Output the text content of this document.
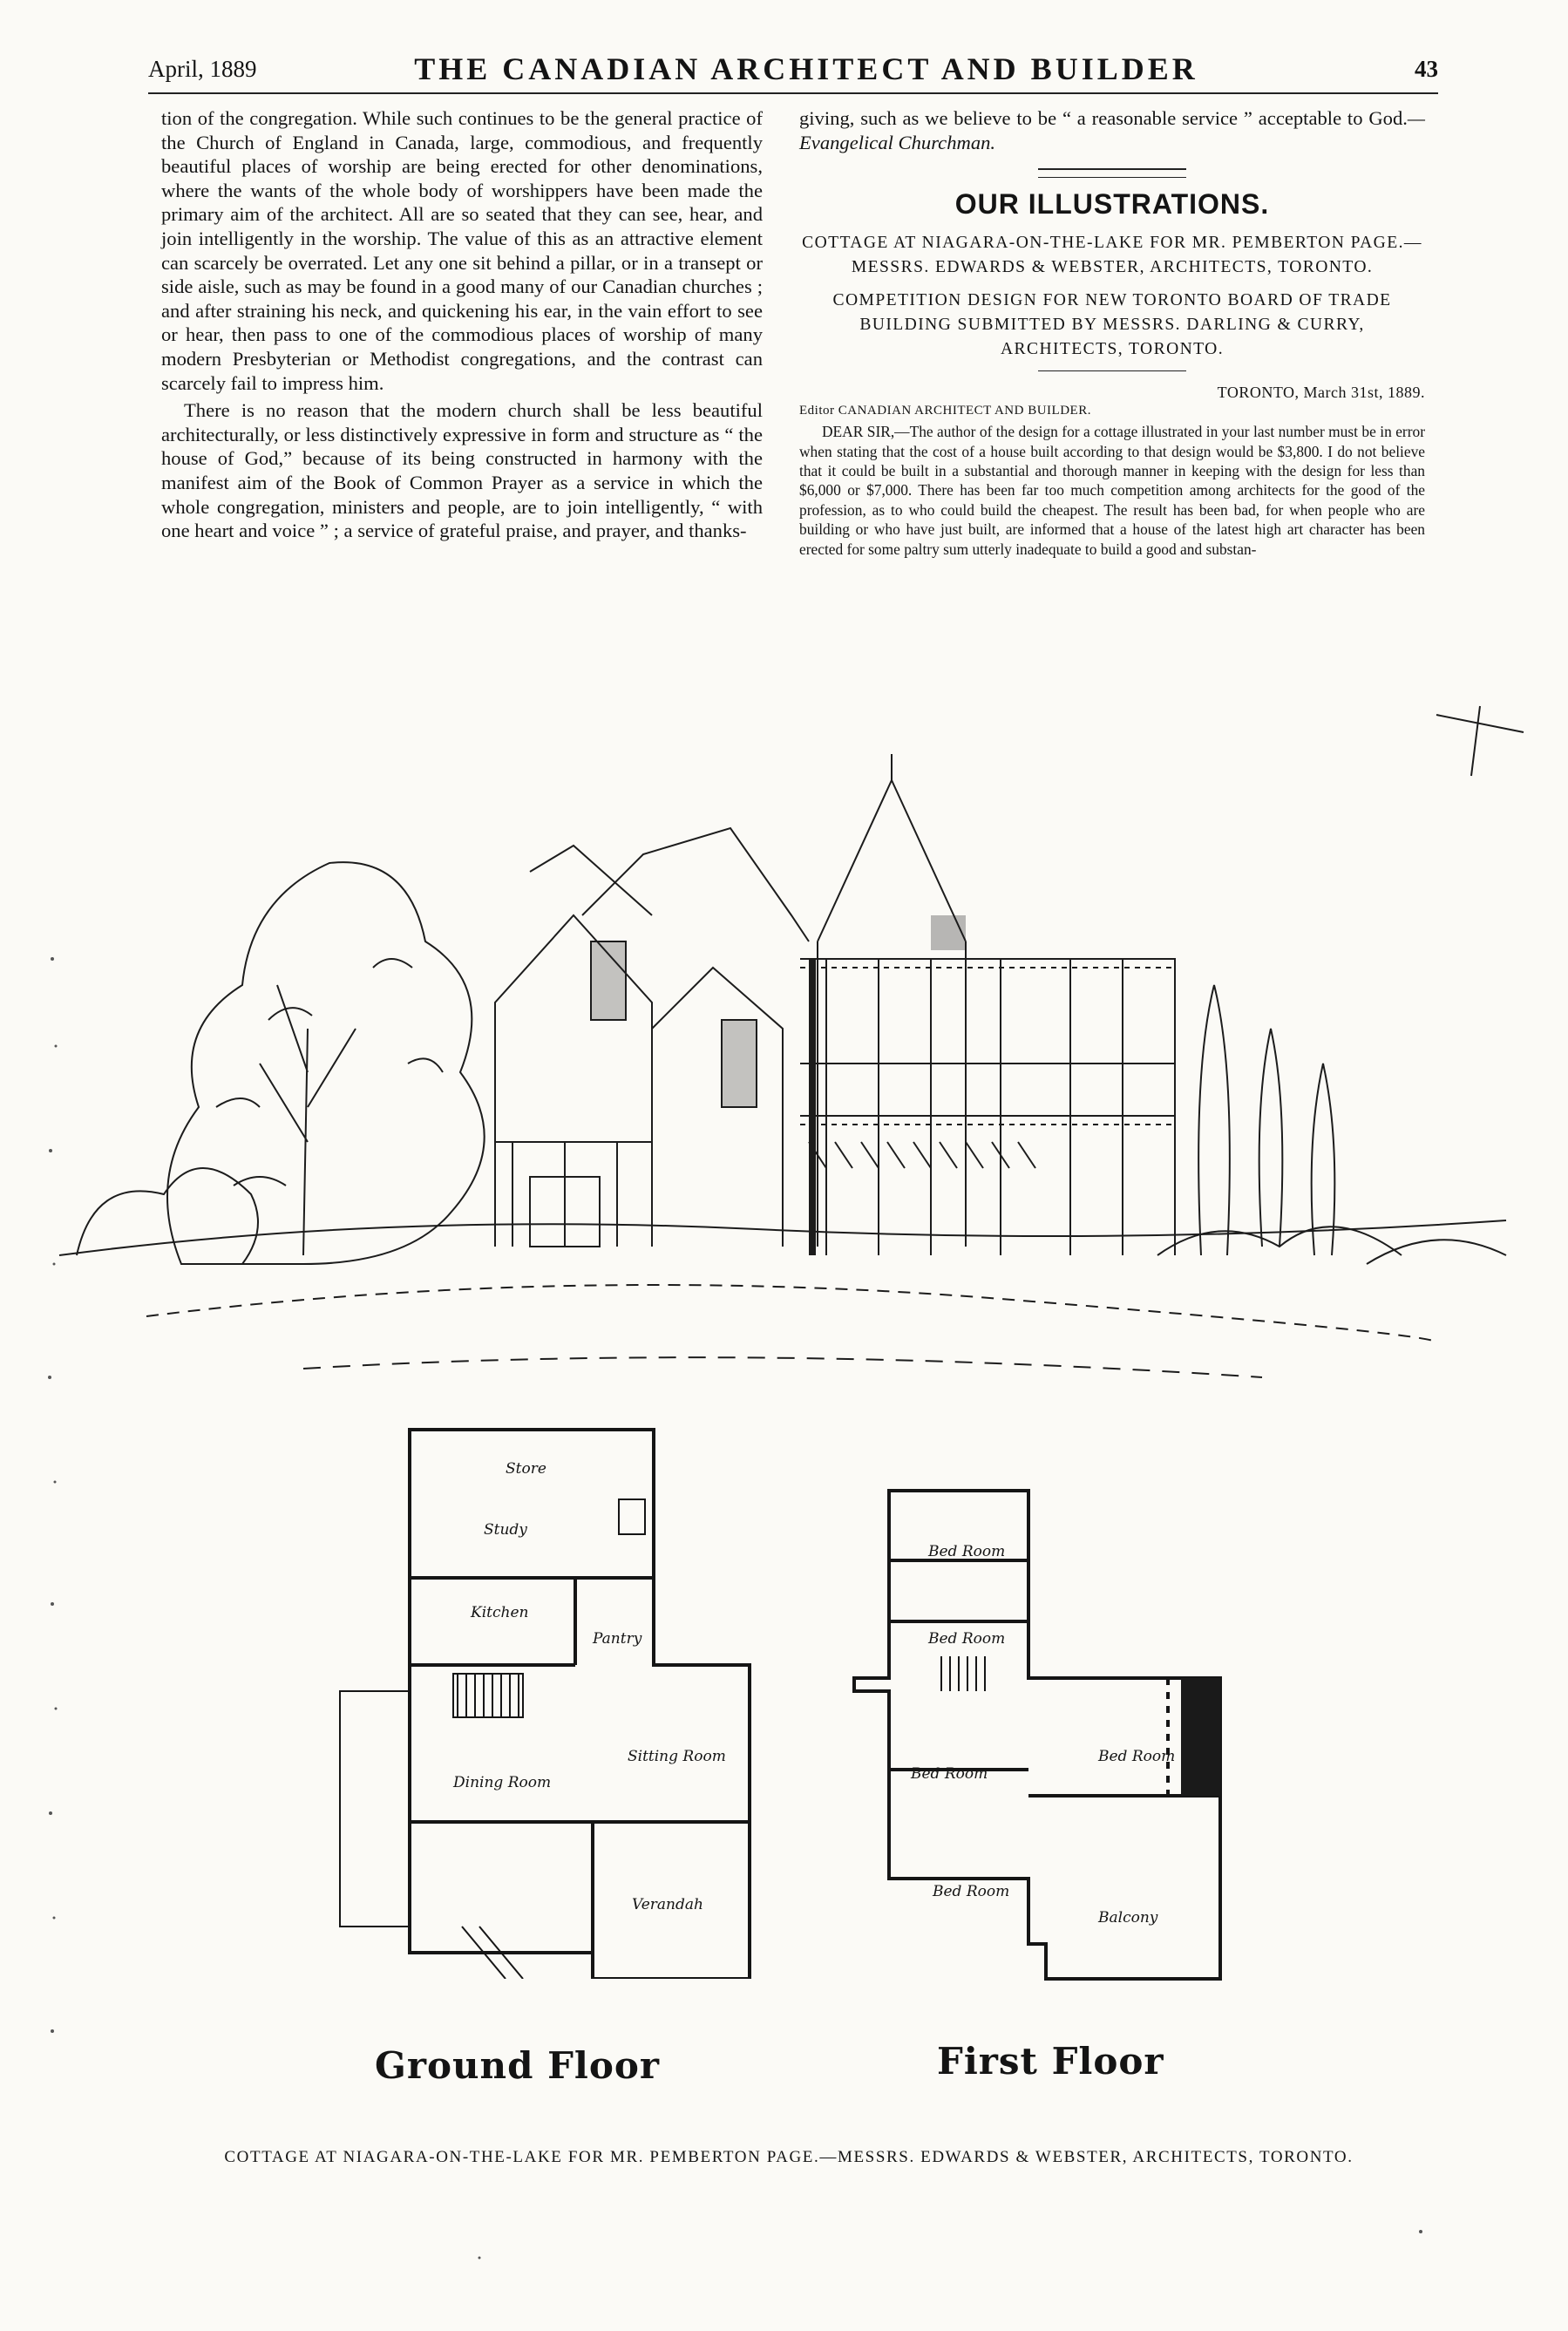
April, 1889	THE CANADIAN ARCHITECT AND BUILDER	43

tion of the congregation. While such continues to be the general practice of the Church of England in Canada, large, commodious, and frequently beautiful places of worship are being erected for other denominations, where the wants of the whole body of worshippers have been made the primary aim of the architect. All are so seated that they can see, hear, and join intelligently in the worship. The value of this as an attractive element can scarcely be overrated. Let any one sit behind a pillar, or in a transept or side aisle, such as may be found in a good many of our Canadian churches ; and after straining his neck, and quickening his ear, in the vain effort to see or hear, then pass to one of the commodious places of worship of many modern Presbyterian or Methodist congregations, and the contrast can scarcely fail to impress him.

There is no reason that the modern church shall be less beautiful architecturally, or less distinctively expressive in form and structure as “ the house of God,” because of its being constructed in harmony with the manifest aim of the Book of Common Prayer as a service in which the whole congregation, ministers and people, are to join intelligently, “ with one heart and voice ” ; a service of grateful praise, and prayer, and thanks-

giving, such as we believe to be “ a reasonable service ” acceptable to God.—Evangelical Churchman.

OUR ILLUSTRATIONS.
COTTAGE AT NIAGARA-ON-THE-LAKE FOR MR. PEMBERTON PAGE.—MESSRS. EDWARDS & WEBSTER, ARCHITECTS, TORONTO.
COMPETITION DESIGN FOR NEW TORONTO BOARD OF TRADE BUILDING SUBMITTED BY MESSRS. DARLING & CURRY, ARCHITECTS, TORONTO.
TORONTO, March 31st, 1889.
Editor CANADIAN ARCHITECT AND BUILDER.

DEAR SIR,—The author of the design for a cottage illustrated in your last number must be in error when stating that the cost of a house built according to that design would be $3,800. I do not believe that it could be built in a substantial and thorough manner in keeping with the design for less than $6,000 or $7,000. There has been far too much competition among architects for the good of the profession, as to who could build the cheapest. The result has been bad, for when people who are building or who have just built, are informed that a house of the latest high art character has been erected for some paltry sum utterly inadequate to build a good and substan-

Store
Study
Kitchen
Pantry
Dining Room
Sitting Room
Verandah
Ground Floor
Bed Room
Bed Room
Bed Room
Bed Room
Bed Room
Balcony
First Floor
COTTAGE AT NIAGARA-ON-THE-LAKE FOR MR. PEMBERTON PAGE.—MESSRS. EDWARDS & WEBSTER, ARCHITECTS, TORONTO.
